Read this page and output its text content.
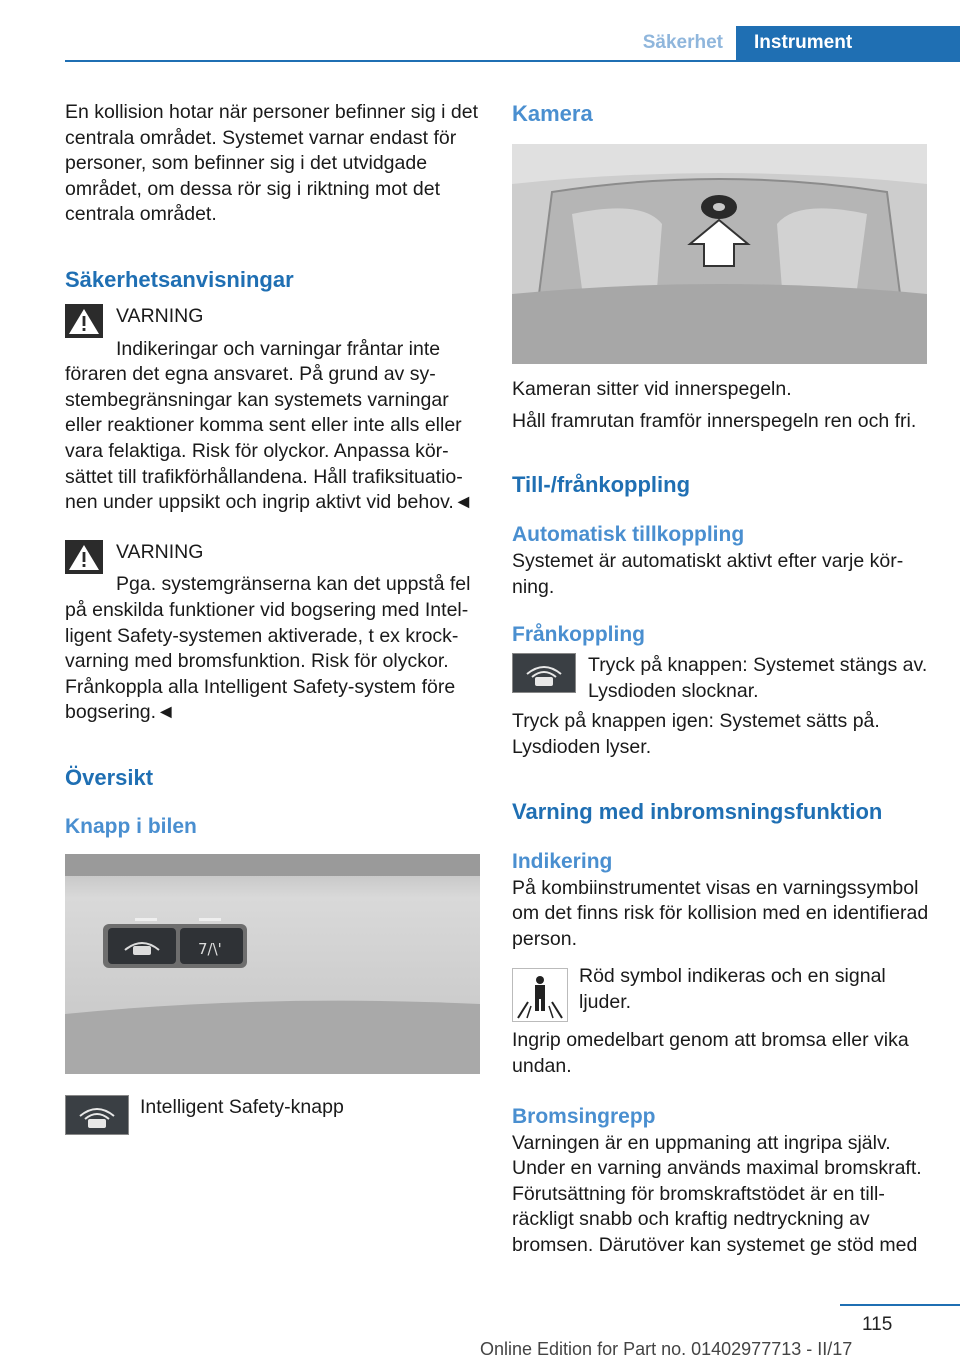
Säkerhet	Instrument

En kollision hotar när personer befinner sig i det centrala området. Systemet varnar endast för personer, som befinner sig i det utvidgade området, om dessa rör sig i riktning mot det centrala området.

Säkerhetsanvisningar

VARNING

Indikeringar och varningar fråntar inte

föraren det egna ansvaret. På grund av systembegränsningar kan systemets varningar eller reaktioner komma sent eller inte alls eller vara felaktiga. Risk för olyckor. Anpassa körsättet till trafikförhållandena. Håll trafiksituationen under uppsikt och ingrip aktivt vid behov.◄

VARNING

Pga. systemgränserna kan det uppstå fel

på enskilda funktioner vid bogsering med Intelligent Safety-systemen aktiverade, t ex krockvarning med bromsfunktion. Risk för olyckor. Frånkoppla alla Intelligent Safety-system före bogsering.◄

Översikt
Knapp i bilen
7/\'

Intelligent Safety-knapp

Kamera

Kameran sitter vid innerspegeln.

Håll framrutan framför innerspegeln ren och fri.

Till-/frånkoppling
Automatisk tillkoppling

Systemet är automatiskt aktivt efter varje körning.

Frånkoppling

Tryck på knappen: Systemet stängs av. Lysdioden slocknar.

Tryck på knappen igen: Systemet sätts på. Lysdioden lyser.

Varning med inbromsningsfunktion
Indikering

På kombiinstrumentet visas en varningssymbol om det finns risk för kollision med en identifierad person.

Röd symbol indikeras och en signal ljuder.

Ingrip omedelbart genom att bromsa eller vika undan.

Bromsingrepp

Varningen är en uppmaning att ingripa själv. Under en varning används maximal bromskraft. Förutsättning för bromskraftstödet är en tillräckligt snabb och kraftig nedtryckning av bromsen. Därutöver kan systemet ge stöd med

115
Online Edition for Part no. 01402977713 - II/17
